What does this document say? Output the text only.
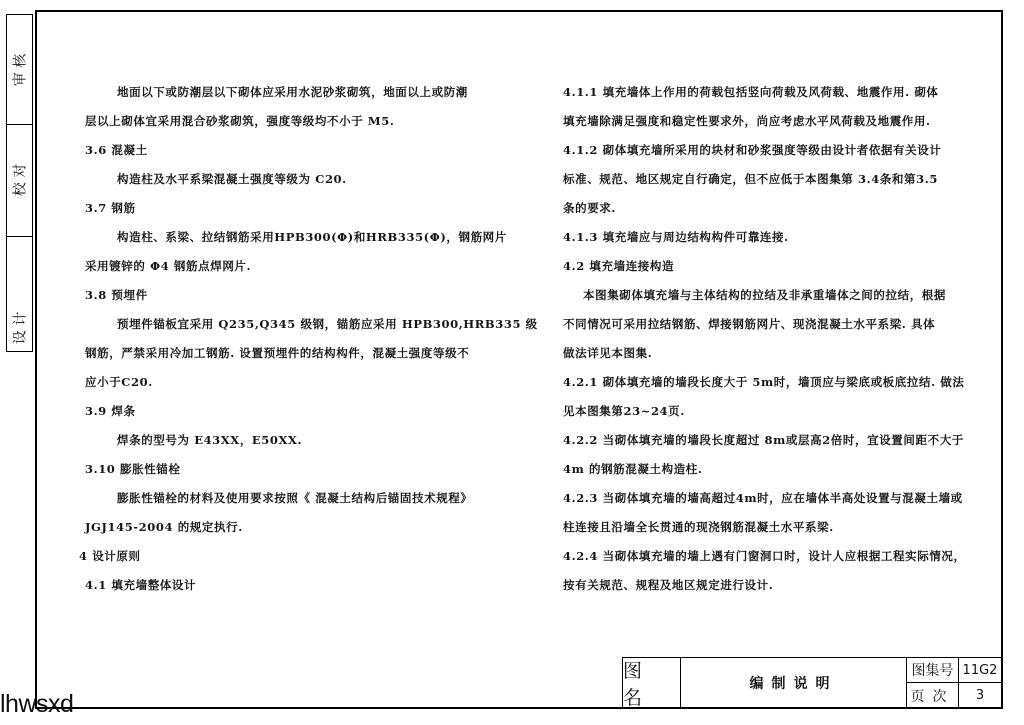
审 核
校 对
设 计
地面以下或防潮层以下砌体应采用水泥砂浆砌筑，地面以上或防潮
层以上砌体宜采用混合砂浆砌筑，强度等级均不小于 M5.
3.6 混凝土
构造柱及水平系梁混凝土强度等级为 C20.
3.7 钢筋
构造柱、系梁、拉结钢筋采用HPB300(Φ)和HRB335(Φ)，钢筋网片
采用镀锌的 Φ4 钢筋点焊网片.
3.8 预埋件
预埋件锚板宜采用 Q235,Q345 级钢，锚筋应采用 HPB300,HRB335 级
钢筋，严禁采用冷加工钢筋. 设置预埋件的结构构件，混凝土强度等级不
应小于C20.
3.9 焊条
焊条的型号为 E43XX，E50XX.
3.10 膨胀性锚栓
膨胀性锚栓的材料及使用要求按照《 混凝土结构后锚固技术规程》
JGJ145-2004 的规定执行.
4 设计原则
4.1 填充墙整体设计
4.1.1 填充墙体上作用的荷载包括竖向荷载及风荷载、地震作用. 砌体
填充墙除满足强度和稳定性要求外，尚应考虑水平风荷载及地震作用.
4.1.2 砌体填充墙所采用的块材和砂浆强度等级由设计者依据有关设计
标准、规范、地区规定自行确定，但不应低于本图集第 3.4条和第3.5
条的要求.
4.1.3 填充墙应与周边结构构件可靠连接.
4.2 填充墙连接构造
本图集砌体填充墙与主体结构的拉结及非承重墙体之间的拉结，根据
不同情况可采用拉结钢筋、焊接钢筋网片、现浇混凝土水平系梁. 具体
做法详见本图集.
4.2.1 砌体填充墙的墙段长度大于 5m时，墙顶应与梁底或板底拉结. 做法
见本图集第23~24页.
4.2.2 当砌体填充墙的墙段长度超过 8m或层高2倍时，宜设置间距不大于
4m 的钢筋混凝土构造柱.
4.2.3 当砌体填充墙的墙高超过4m时，应在墙体半高处设置与混凝土墙或
柱连接且沿墙全长贯通的现浇钢筋混凝土水平系梁.
4.2.4 当砌体填充墙的墙上遇有门窗洞口时，设计人应根据工程实际情况，
按有关规范、规程及地区规定进行设计.
图名
编制说明
图集号 11G2
页次	3
lhwsxd
